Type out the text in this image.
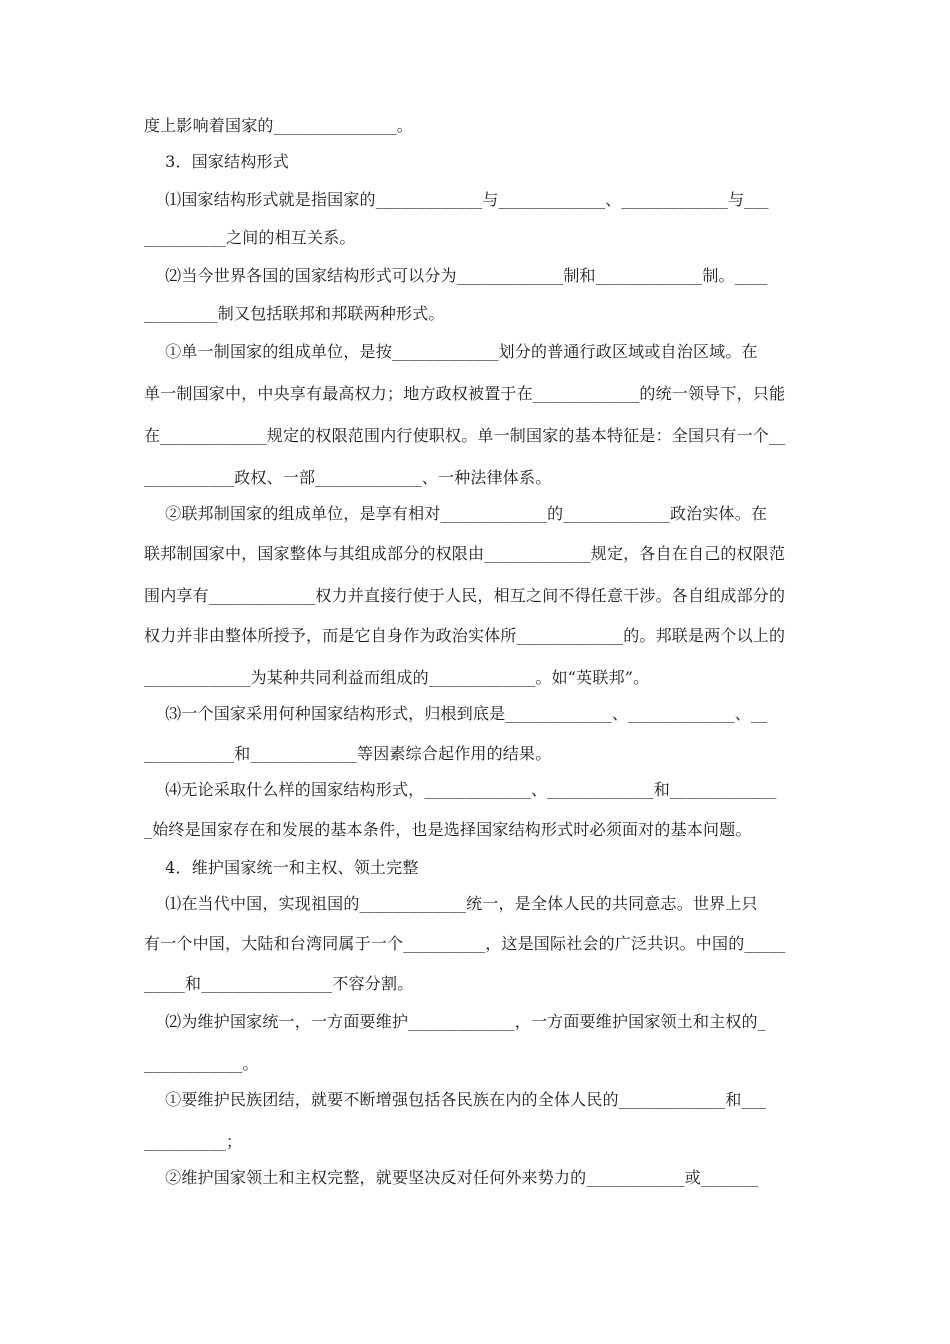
度上影响着国家的_______________。
3．国家结构形式
⑴国家结构形式就是指国家的_____________与_____________、_____________与___
__________之间的相互关系。
⑵当今世界各国的国家结构形式可以分为_____________制和_____________制。____
_________制又包括联邦和邦联两种形式。
①单一制国家的组成单位，是按_____________划分的普通行政区域或自治区域。在
单一制国家中，中央享有最高权力；地方政权被置于在_____________的统一领导下，只能
在_____________规定的权限范围内行使职权。单一制国家的基本特征是：全国只有一个__
___________政权、一部_____________、一种法律体系。
②联邦制国家的组成单位，是享有相对_____________的_____________政治实体。在
联邦制国家中，国家整体与其组成部分的权限由_____________规定，各自在自己的权限范
围内享有_____________权力并直接行使于人民，相互之间不得任意干涉。各自组成部分的
权力并非由整体所授予，而是它自身作为政治实体所_____________的。邦联是两个以上的
_____________为某种共同利益而组成的_____________。如“英联邦”。
⑶一个国家采用何种国家结构形式，归根到底是_____________、_____________、__
___________和_____________等因素综合起作用的结果。
⑷无论采取什么样的国家结构形式，_____________、_____________和_____________
_始终是国家存在和发展的基本条件，也是选择国家结构形式时必须面对的基本问题。
4．维护国家统一和主权、领土完整
⑴在当代中国，实现祖国的_____________统一，是全体人民的共同意志。世界上只
有一个中国，大陆和台湾同属于一个__________，这是国际社会的广泛共识。中国的_____
_____和________________不容分割。
⑵为维护国家统一，一方面要维护_____________，一方面要维护国家领土和主权的_
____________。
①要维护民族团结，就要不断增强包括各民族在内的全体人民的_____________和___
__________；
②维护国家领土和主权完整，就要坚决反对任何外来势力的____________或_______
